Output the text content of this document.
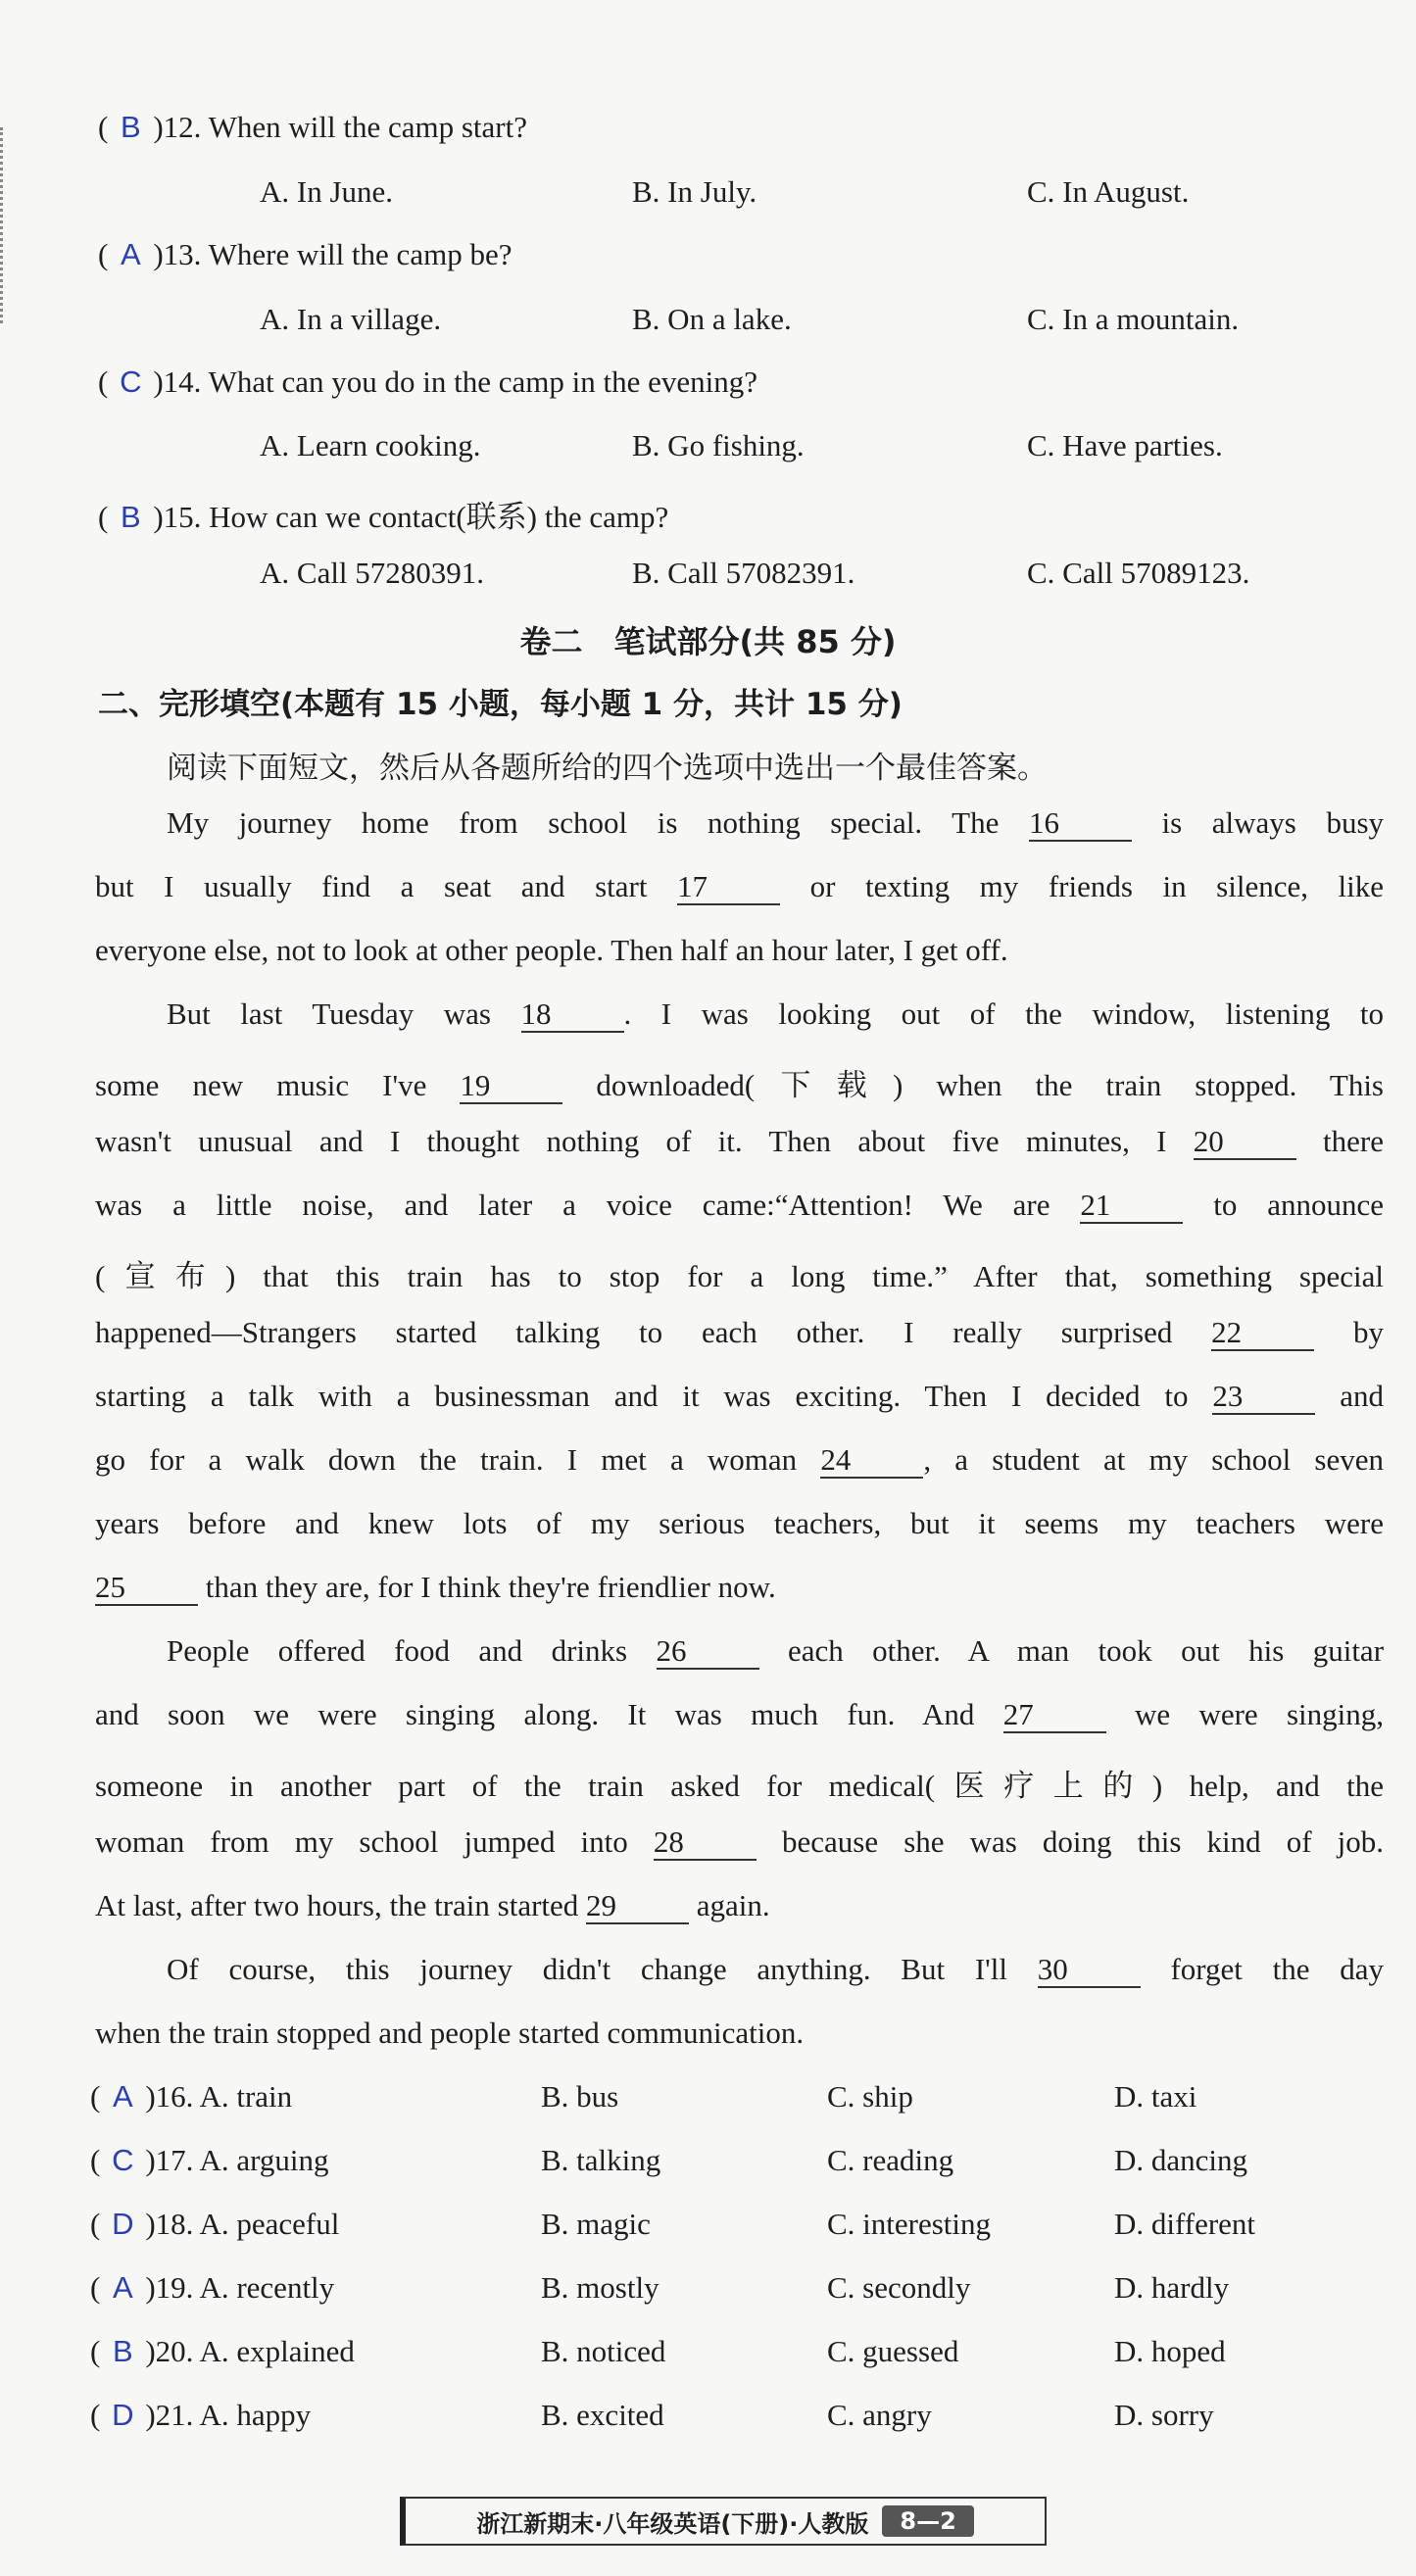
( B )12. When will the camp start?
A. In June.	B. In July.	C. In August.
( A )13. Where will the camp be?
A. In a village.	B. On a lake.	C. In a mountain.
( C )14. What can you do in the camp in the evening?
A. Learn cooking.	B. Go fishing.	C. Have parties.
( B )15. How can we contact(联系) the camp?
A. Call 57280391.	B. Call 57082391.	C. Call 57089123.
卷二　笔试部分(共 85 分)
二、完形填空(本题有 15 小题，每小题 1 分，共计 15 分)
阅读下面短文，然后从各题所给的四个选项中选出一个最佳答案。
My journey home from school is nothing special. The 16	is always busy
but I usually find a seat and start 17	or texting my friends in silence, like
everyone else, not to look at other people. Then half an hour later, I get off.
But last Tuesday was 18 . I was looking out of the window, listening to
some new music I've 19	downloaded(下载) when the train stopped. This
wasn't unusual and I thought nothing of it. Then about five minutes, I 20	there
was a little noise, and later a voice came:“Attention! We are 21	to announce
(宣布) that this train has to stop for a long time.” After that, something special
happened—Strangers started talking to each other. I really surprised 22	by
starting a talk with a businessman and it was exciting. Then I decided to 23	and
go for a walk down the train. I met a woman 24 , a student at my school seven
years before and knew lots of my serious teachers, but it seems my teachers were
25	than they are, for I think they're friendlier now.
People offered food and drinks 26	each other. A man took out his guitar
and soon we were singing along. It was much fun. And 27	we were singing,
someone in another part of the train asked for medical(医疗上的) help, and the
woman from my school jumped into 28	because she was doing this kind of job.
At last, after two hours, the train started 29	again.
Of course, this journey didn't change anything. But I'll 30	forget the day
when the train stopped and people started communication.
( A )16. A. train	B. bus	C. ship	D. taxi
( C )17. A. arguing	B. talking	C. reading	D. dancing
( D )18. A. peaceful	B. magic	C. interesting	D. different
( A )19. A. recently	B. mostly	C. secondly	D. hardly
( B )20. A. explained	B. noticed	C. guessed	D. hoped
( D )21. A. happy	B. excited	C. angry	D. sorry
浙江新期末·八年级英语(下册)·人教版	8—2
